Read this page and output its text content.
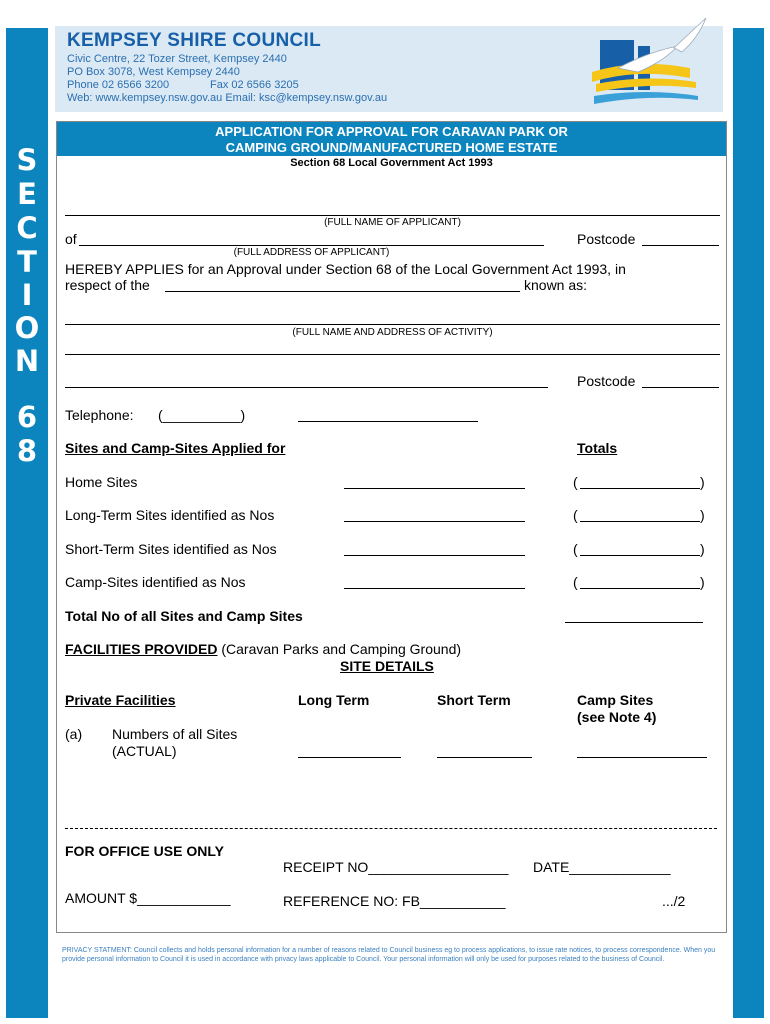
S
E
C
T
I
O
N
6
8
KEMPSEY SHIRE COUNCIL
Civic Centre, 22 Tozer Street, Kempsey 2440
PO Box 3078, West Kempsey 2440
Phone 02 6566 3200	Fax 02 6566 3205
Web: www.kempsey.nsw.gov.au Email: ksc@kempsey.nsw.gov.au
APPLICATION FOR APPROVAL FOR CARAVAN PARK OR
CAMPING GROUND/MANUFACTURED HOME ESTATE
Section 68 Local Government Act 1993
(FULL NAME OF APPLICANT)
of	Postcode
(FULL ADDRESS OF APPLICANT)
HEREBY APPLIES for an Approval under Section 68 of the Local Government Act 1993, in
respect of the	known as:
(FULL NAME AND ADDRESS OF ACTIVITY)
Postcode
Telephone: (__________)
Sites and Camp-Sites Applied for	Totals
Home Sites	(	)
Long-Term Sites identified as Nos	(	)
Short-Term Sites identified as Nos	(	)
Camp-Sites identified as Nos	(	)
Total No of all Sites and Camp Sites
FACILITIES PROVIDED (Caravan Parks and Camping Ground)
SITE DETAILS
Private Facilities	Long Term	Short Term	Camp Sites
(see Note 4)
(a) Numbers of all Sites
(ACTUAL)
FOR OFFICE USE ONLY
RECEIPT NO__________________ DATE_____________
AMOUNT $____________	REFERENCE NO: FB___________	.../2
PRIVACY STATMENT: Council collects and holds personal information for a number of reasons related to Council business eg to process applications, to issue rate notices, to process correspondence. When you provide personal information to Council it is used in accordance with privacy laws applicable to Council. Your personal information will only be used for purposes related to the business of Council.
